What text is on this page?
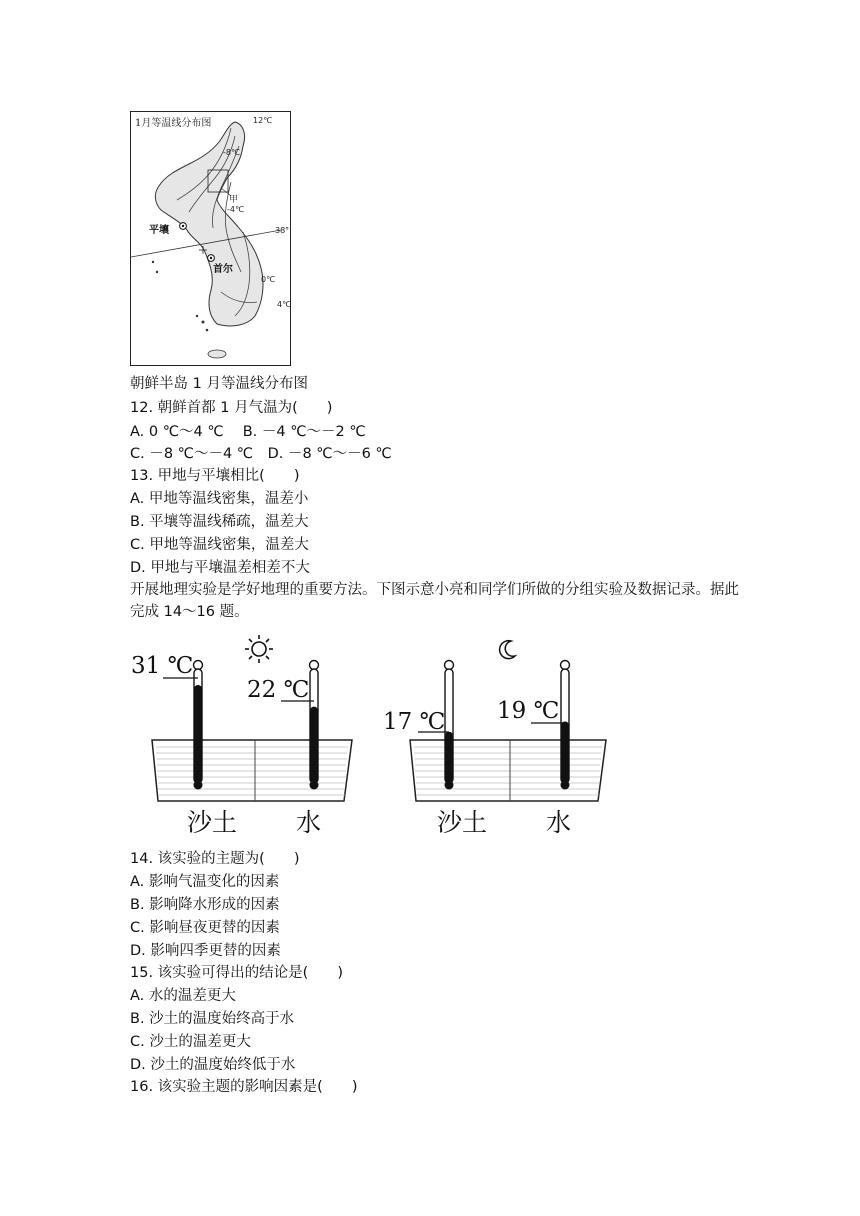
12℃
-8℃
-4℃
0℃
4℃
38°
甲
平壤
首尔
1月等温线分布图
朝鲜半岛 1 月等温线分布图
12. 朝鲜首都 1 月气温为(　　)
A. 0 ℃～4 ℃　 B. －4 ℃～－2 ℃
C. －8 ℃～－4 ℃　D. －8 ℃～－6 ℃
13. 甲地与平壤相比(　　)
A. 甲地等温线密集，温差小
B. 平壤等温线稀疏，温差大
C. 甲地等温线密集，温差大
D. 甲地与平壤温差相差不大
开展地理实验是学好地理的重要方法。下图示意小亮和同学们所做的分组实验及数据记录。据此完成 14～16 题。
31 ℃
22 ℃
沙土 水
17 ℃ 19 ℃
沙土 水
14. 该实验的主题为(　　)
A. 影响气温变化的因素
B. 影响降水形成的因素
C. 影响昼夜更替的因素
D. 影响四季更替的因素
15. 该实验可得出的结论是(　　)
A. 水的温差更大
B. 沙土的温度始终高于水
C. 沙土的温差更大
D. 沙土的温度始终低于水
16. 该实验主题的影响因素是(　　)
